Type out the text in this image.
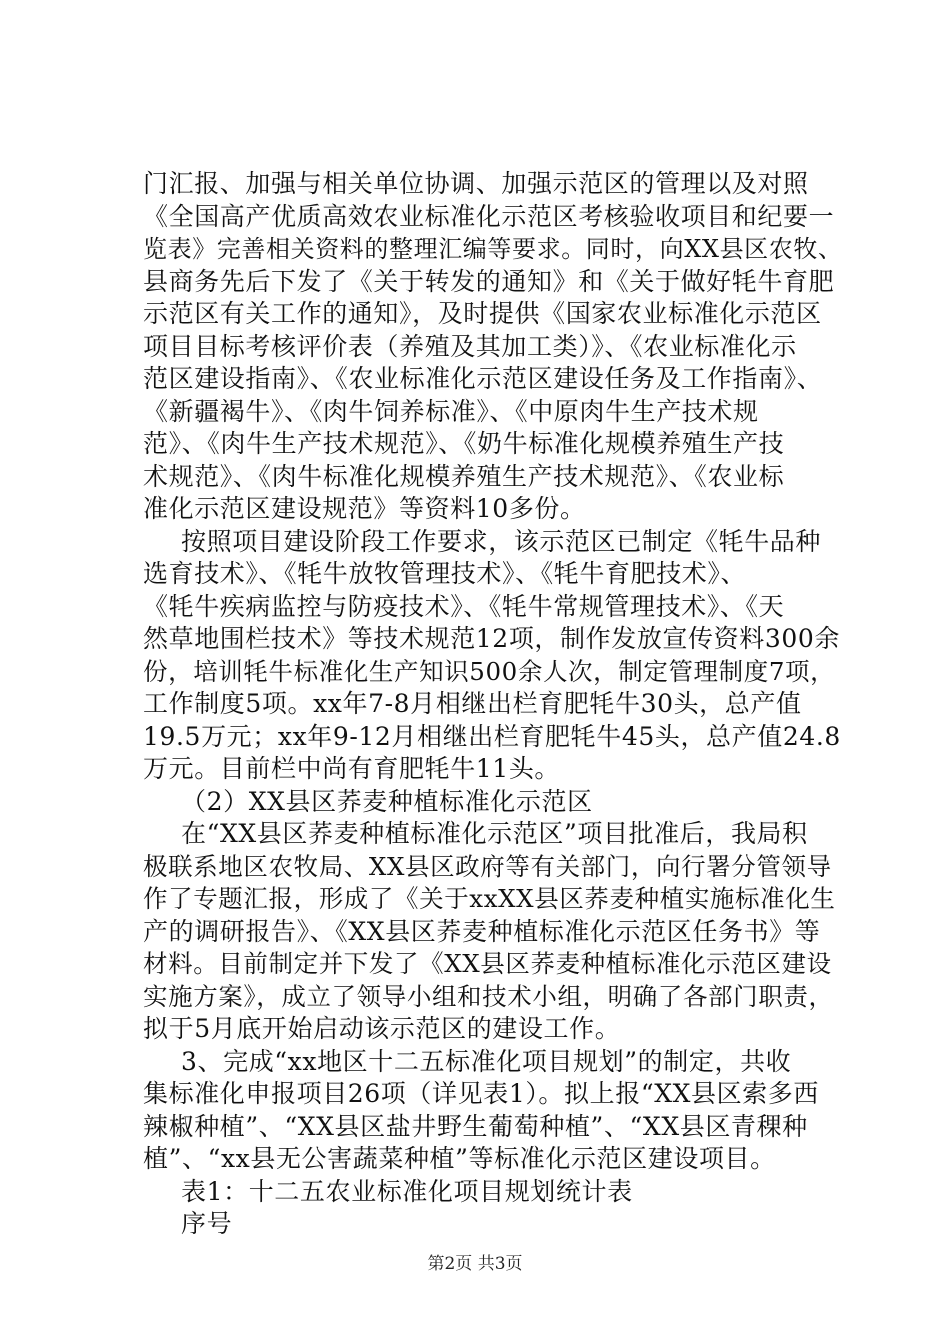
门汇报、加强与相关单位协调、加强示范区的管理以及对照
《全国高产优质高效农业标准化示范区考核验收项目和纪要一
览表》完善相关资料的整理汇编等要求。同时，向XX县区农牧、
县商务先后下发了《关于转发的通知》和《关于做好牦牛育肥
示范区有关工作的通知》，及时提供《国家农业标准化示范区
项目目标考核评价表（养殖及其加工类）》、《农业标准化示
范区建设指南》、《农业标准化示范区建设任务及工作指南》、
《新疆褐牛》、《肉牛饲养标准》、《中原肉牛生产技术规
范》、《肉牛生产技术规范》、《奶牛标准化规模养殖生产技
术规范》、《肉牛标准化规模养殖生产技术规范》、《农业标
准化示范区建设规范》等资料10多份。
按照项目建设阶段工作要求，该示范区已制定《牦牛品种
选育技术》、《牦牛放牧管理技术》、《牦牛育肥技术》、
《牦牛疾病监控与防疫技术》、《牦牛常规管理技术》、《天
然草地围栏技术》等技术规范12项，制作发放宣传资料300余
份，培训牦牛标准化生产知识500余人次，制定管理制度7项，
工作制度5项。xx年7-8月相继出栏育肥牦牛30头，总产值
19.5万元；xx年9-12月相继出栏育肥牦牛45头，总产值24.8
万元。目前栏中尚有育肥牦牛11头。
（2）XX县区荞麦种植标准化示范区
在“XX县区荞麦种植标准化示范区”项目批准后，我局积
极联系地区农牧局、XX县区政府等有关部门，向行署分管领导
作了专题汇报，形成了《关于xxXX县区荞麦种植实施标准化生
产的调研报告》、《XX县区荞麦种植标准化示范区任务书》等
材料。目前制定并下发了《XX县区荞麦种植标准化示范区建设
实施方案》，成立了领导小组和技术小组，明确了各部门职责，
拟于5月底开始启动该示范区的建设工作。
3、完成“xx地区十二五标准化项目规划”的制定，共收
集标准化申报项目26项（详见表1）。拟上报“XX县区索多西
辣椒种植”、“XX县区盐井野生葡萄种植”、“XX县区青稞种
植”、“xx县无公害蔬菜种植”等标准化示范区建设项目。
表1：十二五农业标准化项目规划统计表
序号
第2页 共3页
